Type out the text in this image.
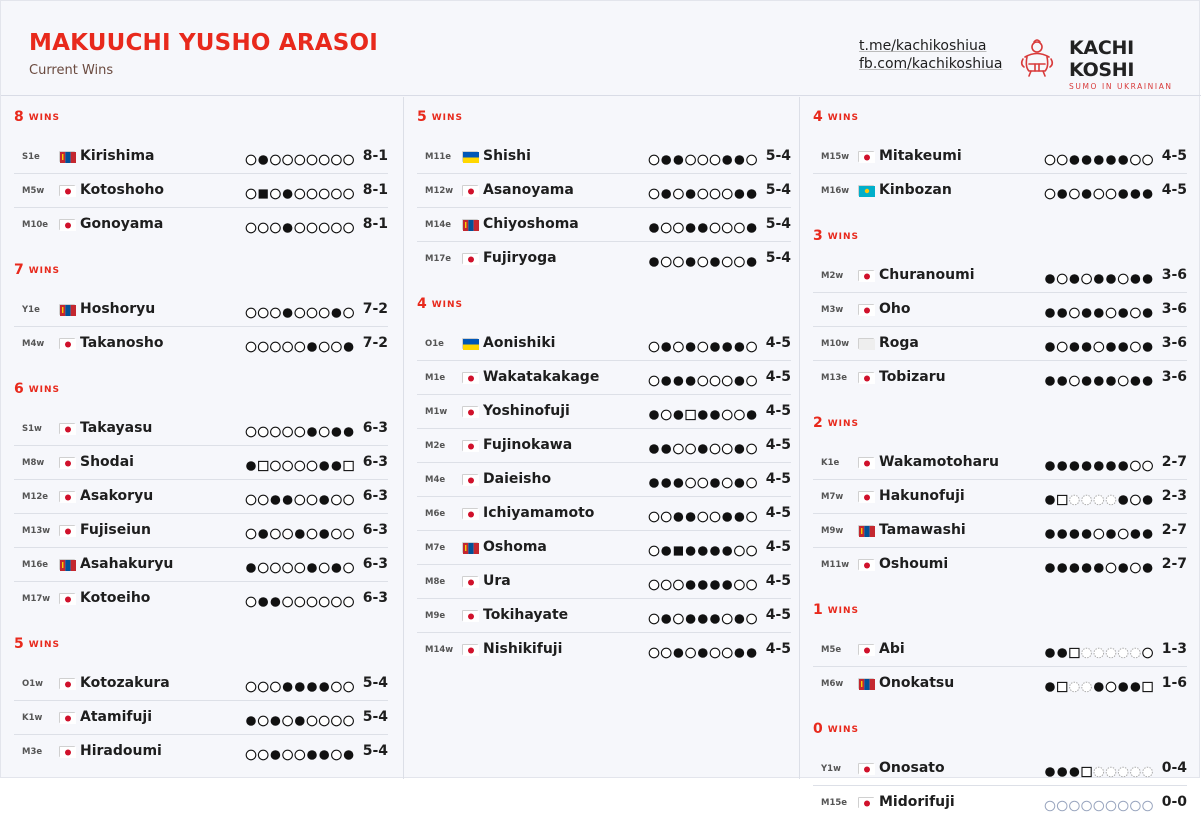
MAKUUCHI YUSHO ARASOI
Current Wins
t.me/kachikoshiua
fb.com/kachikoshiua
KACHI KOSHI
SUMO IN UKRAINIAN
8 WINS
S1e	Kirishima	8-1
M5w	Kotoshoho	8-1
M10e Gonoyama	8-1
7 WINS
Y1e	Hoshoryu	7-2
M4w	Takanosho	7-2
6 WINS
S1w	Takayasu	6-3
M8w	Shodai	6-3
M12e Asakoryu	6-3
M13w Fujiseiun	6-3
M16e Asahakuryu	6-3
M17w Kotoeiho	6-3
5 WINS
O1w	Kotozakura	5-4
K1w	Atamifuji	5-4
M3e	Hiradoumi	5-4
5 WINS
M11e Shishi	5-4
M12w Asanoyama	5-4
M14e Chiyoshoma	5-4
M17e Fujiryoga	5-4
4 WINS
O1e	Aonishiki	4-5
M1e	Wakatakakage	4-5
M1w	Yoshinofuji	4-5
M2e	Fujinokawa	4-5
M4e	Daieisho	4-5
M6e	Ichiyamamoto	4-5
M7e	Oshoma	4-5
M8e	Ura	4-5
M9e	Tokihayate	4-5
M14w Nishikifuji	4-5
4 WINS
M15w Mitakeumi	4-5
M16w Kinbozan	4-5
3 WINS
M2w	Churanoumi	3-6
M3w	Oho	3-6
M10w Roga	3-6
M13e Tobizaru	3-6
2 WINS
K1e	Wakamotoharu	2-7
M7w	Hakunofuji	2-3
M9w	Tamawashi	2-7
M11w Oshoumi	2-7
1 WINS
M5e	Abi	1-3
M6w	Onokatsu	1-6
0 WINS
Y1w	Onosato	0-4
M15e Midorifuji	0-0
